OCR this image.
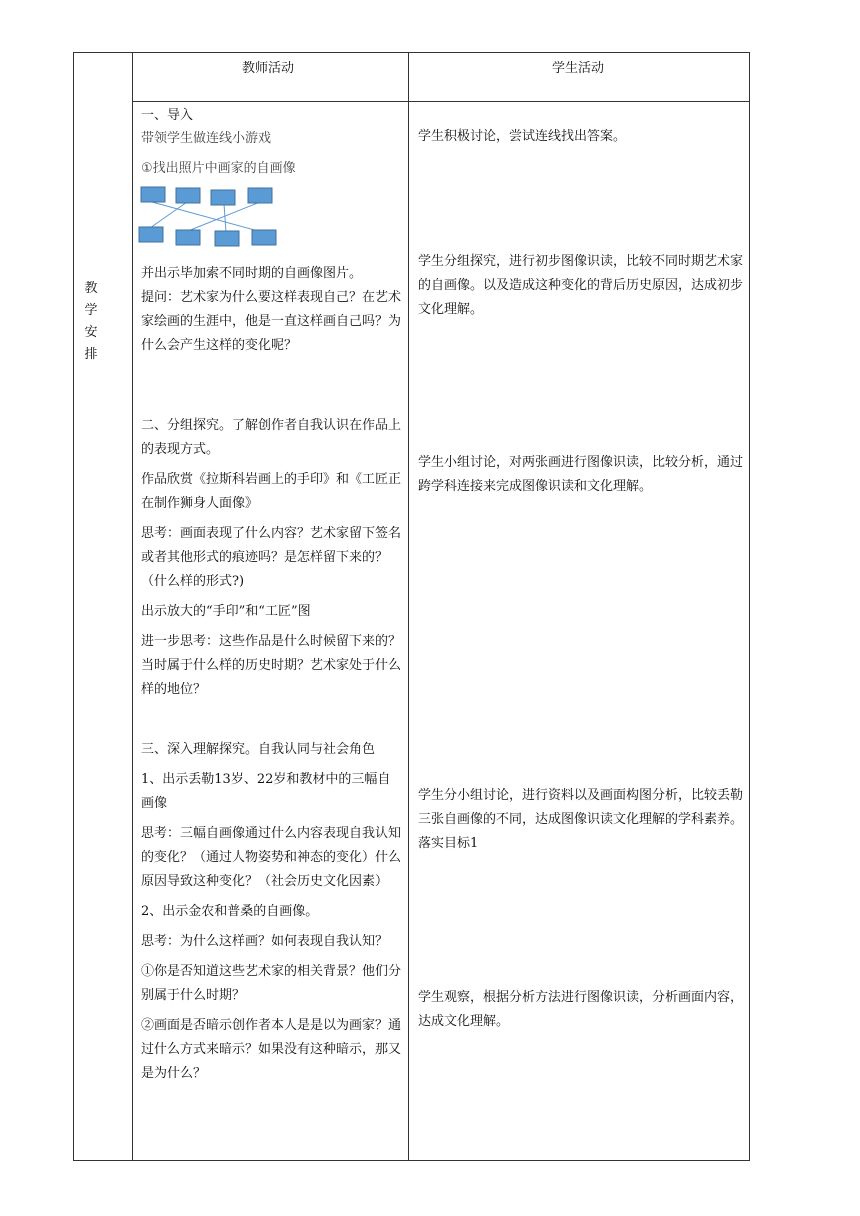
教师活动	学生活动
教
学
安
排

一、导入

带领学生做连线小游戏

①找出照片中画家的自画像

并出示毕加索不同时期的自画像图片。

提问：艺术家为什么要这样表现自己？在艺术家绘画的生涯中，他是一直这样画自己吗？为什么会产生这样的变化呢？

二、分组探究。了解创作者自我认识在作品上的表现方式。

作品欣赏《拉斯科岩画上的手印》和《工匠正在制作狮身人面像》

思考：画面表现了什么内容？艺术家留下签名或者其他形式的痕迹吗？是怎样留下来的？（什么样的形式?)

出示放大的“手印”和“工匠”图

进一步思考：这些作品是什么时候留下来的？当时属于什么样的历史时期？艺术家处于什么样的地位？

三、深入理解探究。自我认同与社会角色

1、出示丢勒13岁、22岁和教材中的三幅自画像

思考：三幅自画像通过什么内容表现自我认知的变化？（通过人物姿势和神态的变化）什么原因导致这种变化？（社会历史文化因素）

2、出示金农和普桑的自画像。

思考：为什么这样画？如何表现自我认知？

①你是否知道这些艺术家的相关背景？他们分别属于什么时期？

②画面是否暗示创作者本人是是以为画家？通过什么方式来暗示？如果没有这种暗示，那又是为什么？

学生积极讨论，尝试连线找出答案。
学生分组探究，进行初步图像识读，比较不同时期艺术家的自画像。以及造成这种变化的背后历史原因，达成初步文化理解。
学生小组讨论，对两张画进行图像识读，比较分析，通过跨学科连接来完成图像识读和文化理解。
学生分小组讨论，进行资料以及画面构图分析，比较丢勒三张自画像的不同，达成图像识读文化理解的学科素养。落实目标1
学生观察，根据分析方法进行图像识读，分析画面内容，达成文化理解。
